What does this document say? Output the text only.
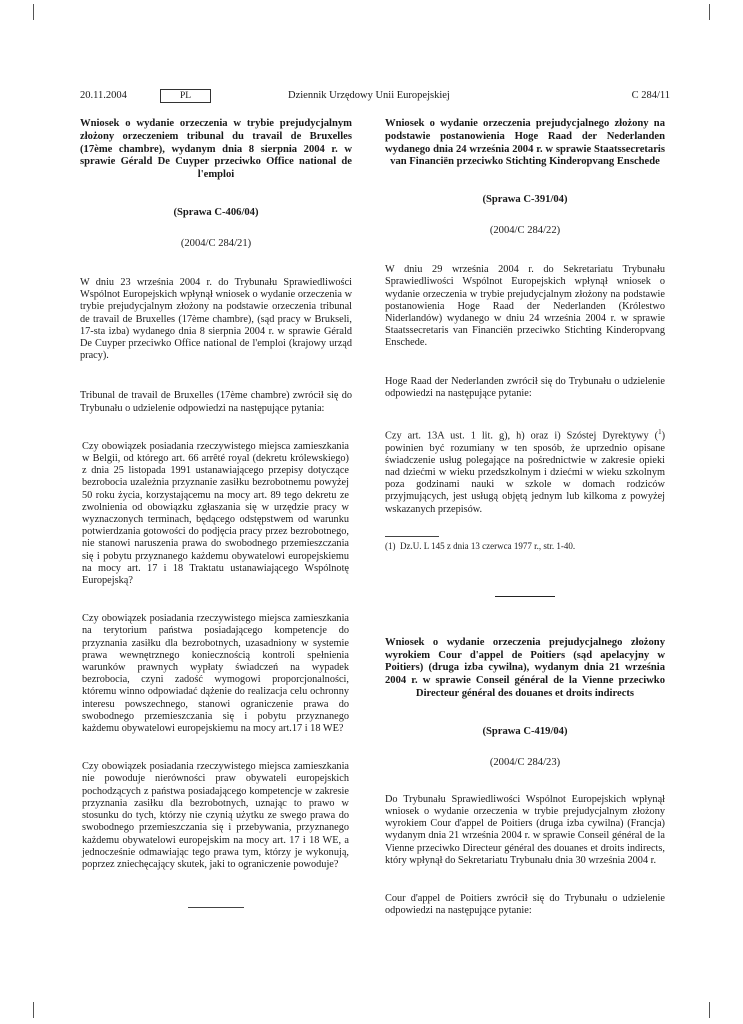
20.11.2004	PL	Dziennik Urzędowy Unii Europejskiej	C 284/11

Wniosek o wydanie orzeczenia w trybie prejudycjalnym złożony orzeczeniem tribunal du travail de Bruxelles (17ème chambre), wydanym dnia 8 sierpnia 2004 r. w sprawie Gérald De Cuyper przeciwko Office national de l'emploi

(Sprawa C-406/04)
(2004/C 284/21)

W dniu 23 września 2004 r. do Trybunału Sprawiedliwości Wspólnot Europejskich wpłynął wniosek o wydanie orzeczenia w trybie prejudycjalnym złożony na podstawie orzeczenia tribunal de travail de Bruxelles (17ème chambre), (sąd pracy w Brukseli, 17-sta izba) wydanego dnia 8 sierpnia 2004 r. w sprawie Gérald De Cuyper przeciwko Office national de l'emploi (krajowy urząd pracy).

Tribunal de travail de Bruxelles (17ème chambre) zwrócił się do Trybunału o udzielenie odpowiedzi na następujące pytania:

Czy obowiązek posiadania rzeczywistego miejsca zamieszkania w Belgii, od którego art. 66 arrêté royal (dekretu królewskiego) z dnia 25 listopada 1991 ustanawiającego przepisy dotyczące bezrobocia uzależnia przyznanie zasiłku bezrobotnemu powyżej 50 roku życia, korzystającemu na mocy art. 89 tego dekretu ze zwolnienia od obowiązku zgłaszania się w urzędzie pracy w wyznaczonych terminach, będącego odstępstwem od warunku potwierdzania gotowości do podjęcia pracy przez bezrobotnego, nie stanowi naruszenia prawa do swobodnego przemieszczania się i pobytu przyznanego każdemu obywatelowi europejskiemu na mocy art. 17 i 18 Traktatu ustanawiającego Wspólnotę Europejską?

Czy obowiązek posiadania rzeczywistego miejsca zamieszkania na terytorium państwa posiadającego kompetencje do przyznania zasiłku dla bezrobotnych, uzasadniony w systemie prawa wewnętrznego koniecznością kontroli spełnienia warunków prawnych wypłaty świadczeń na wypadek bezrobocia, czyni zadość wymogowi proporcjonalności, któremu winno odpowiadać dążenie do realizacja celu ochronny interesu powszechnego, stanowi ograniczenie prawa do swobodnego przemieszczania się i pobytu przyznanego każdemu obywatelowi europejskiemu na mocy art.17 i 18 WE?

Czy obowiązek posiadania rzeczywistego miejsca zamieszkania nie powoduje nierówności praw obywateli europejskich pochodzących z państwa posiadającego kompetencje w zakresie przyznania zasiłku dla bezrobotnych, uznając to prawo w stosunku do tych, którzy nie czynią użytku ze swego prawa do swobodnego przemieszczania się i przebywania, przyznanego każdemu obywatelowi europejskim na mocy art. 17 i 18 WE, a jednocześnie odmawiając tego prawa tym, którzy je wykonują, poprzez zniechęcający skutek, jaki to ograniczenie powoduje?

Wniosek o wydanie orzeczenia prejudycjalnego złożony na podstawie postanowienia Hoge Raad der Nederlanden wydanego dnia 24 września 2004 r. w sprawie Staatssecretaris van Financiën przeciwko Stichting Kinderopvang Enschede

(Sprawa C-391/04)
(2004/C 284/22)

W dniu 29 września 2004 r. do Sekretariatu Trybunału Sprawiedliwości Wspólnot Europejskich wpłynął wniosek o wydanie orzeczenia w trybie prejudycjalnym złożony na podstawie postanowienia Hoge Raad der Nederlanden (Królestwo Niderlandów) wydanego w dniu 24 września 2004 r. w sprawie Staatssecretaris van Financiën przeciwko Stichting Kinderopvang Enschede.

Hoge Raad der Nederlanden zwrócił się do Trybunału o udzielenie odpowiedzi na następujące pytanie:

Czy art. 13A ust. 1 lit. g), h) oraz i) Szóstej Dyrektywy ($^1$) powinien być rozumiany w ten sposób, że uprzednio opisane świadczenie usług polegające na pośrednictwie w zakresie opieki nad dziećmi w wieku przedszkolnym i dziećmi w wieku szkolnym poza godzinami nauki w szkole w domach rodziców przyjmujących, jest usługą objętą jednym lub kilkoma z powyżej wskazanych przepisów.

(1) Dz.U. L 145 z dnia 13 czerwca 1977 r., str. 1-40.

Wniosek o wydanie orzeczenia prejudycjalnego złożony wyrokiem Cour d'appel de Poitiers (sąd apelacyjny w Poitiers) (druga izba cywilna), wydanym dnia 21 września 2004 r. w sprawie Conseil général de la Vienne przeciwko Directeur général des douanes et droits indirects

(Sprawa C-419/04)
(2004/C 284/23)

Do Trybunału Sprawiedliwości Wspólnot Europejskich wpłynął wniosek o wydanie orzeczenia w trybie prejudycjalnym złożony wyrokiem Cour d'appel de Poitiers (druga izba cywilna) (Francja) wydanym dnia 21 września 2004 r. w sprawie Conseil général de la Vienne przeciwko Directeur général des douanes et droits indirects, który wpłynął do Sekretariatu Trybunału dnia 30 września 2004 r.

Cour d'appel de Poitiers zwrócił się do Trybunału o udzielenie odpowiedzi na następujące pytanie:
